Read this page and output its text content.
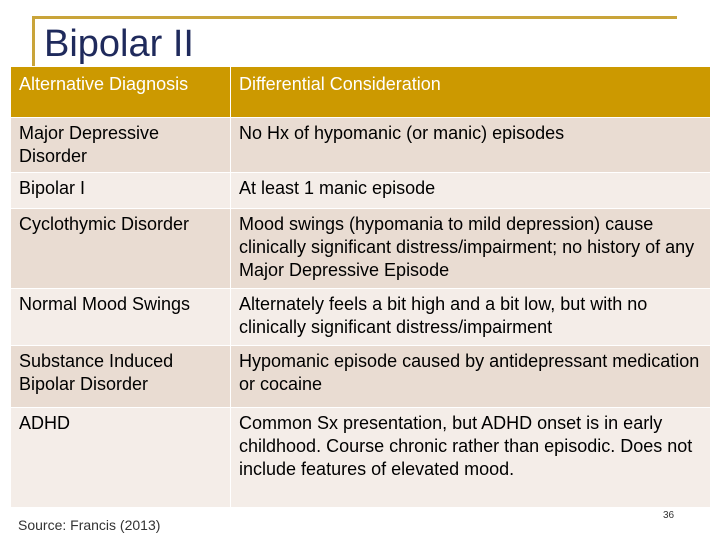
Bipolar II
Alternative Diagnosis	Differential Consideration
Major Depressive Disorder	No Hx of hypomanic (or manic) episodes
Bipolar I	At least 1 manic episode
Cyclothymic Disorder	Mood swings (hypomania to mild depression) cause clinically significant distress/impairment; no history of any Major Depressive Episode
Normal Mood Swings	Alternately feels a bit high and a bit low, but with no clinically significant distress/impairment
Substance Induced Bipolar Disorder	Hypomanic episode caused by antidepressant medication or cocaine
ADHD	Common Sx presentation, but ADHD onset is in early childhood. Course chronic rather than episodic. Does not include features of elevated mood.
Source: Francis (2013)
36
